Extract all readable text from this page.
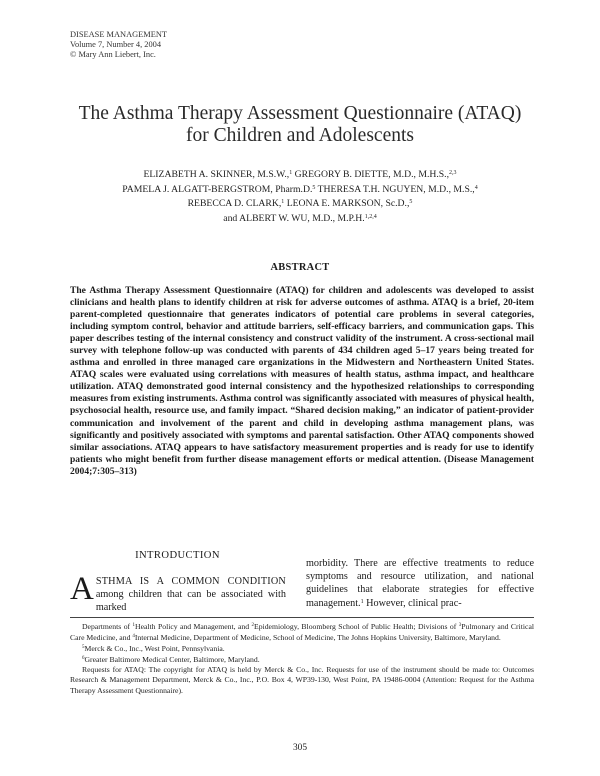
DISEASE MANAGEMENT
Volume 7, Number 4, 2004
© Mary Ann Liebert, Inc.
The Asthma Therapy Assessment Questionnaire (ATAQ)
for Children and Adolescents
ELIZABETH A. SKINNER, M.S.W.,$^1$ GREGORY B. DIETTE, M.D., M.H.S.,$^{2,3}$
PAMELA J. ALGATT-BERGSTROM, Pharm.D.$^5$ THERESA T.H. NGUYEN, M.D., M.S.,$^4$
REBECCA D. CLARK,$^1$ LEONA E. MARKSON, Sc.D.,$^5$
and ALBERT W. WU, M.D., M.P.H.$^{1,2,4}$
ABSTRACT
The Asthma Therapy Assessment Questionnaire (ATAQ) for children and adolescents was developed to assist clinicians and health plans to identify children at risk for adverse outcomes of asthma. ATAQ is a brief, 20-item parent-completed questionnaire that generates indicators of potential care problems in several categories, including symptom control, behavior and attitude barriers, self-efficacy barriers, and communication gaps. This paper describes testing of the internal consistency and construct validity of the instrument. A cross-sectional mail survey with telephone follow-up was conducted with parents of 434 children aged 5–17 years being treated for asthma and enrolled in three managed care organizations in the Midwestern and Northeastern United States. ATAQ scales were evaluated using correlations with measures of health status, asthma impact, and healthcare utilization. ATAQ demonstrated good internal consistency and the hypothesized relationships to corresponding measures from existing instruments. Asthma control was significantly associated with measures of physical health, psychosocial health, resource use, and family impact. “Shared decision making,” an indicator of patient-provider communication and involvement of the parent and child in developing asthma management plans, was significantly and positively associated with symptoms and parental satisfaction. Other ATAQ components showed similar associations. ATAQ appears to have satisfactory measurement properties and is ready for use to identify patients who might benefit from further disease management efforts or medical attention. (Disease Management 2004;7:305–313)
INTRODUCTION
ASTHMA IS A COMMON CONDITION among children that can be associated with marked
morbidity. There are effective treatments to reduce symptoms and resource utilization, and national guidelines that elaborate strategies for effective management.$^1$ However, clinical prac-

Departments of $^1$Health Policy and Management, and $^2$Epidemiology, Bloomberg School of Public Health; Divisions of $^3$Pulmonary and Critical Care Medicine, and $^4$Internal Medicine, Department of Medicine, School of Medicine, The Johns Hopkins University, Baltimore, Maryland.

$^5$Merck & Co., Inc., West Point, Pennsylvania.

$^6$Greater Baltimore Medical Center, Baltimore, Maryland.

Requests for ATAQ: The copyright for ATAQ is held by Merck & Co., Inc. Requests for use of the instrument should be made to: Outcomes Research & Management Department, Merck & Co., Inc., P.O. Box 4, WP39-130, West Point, PA 19486-0004 (Attention: Request for the Asthma Therapy Assessment Questionnaire).

305
